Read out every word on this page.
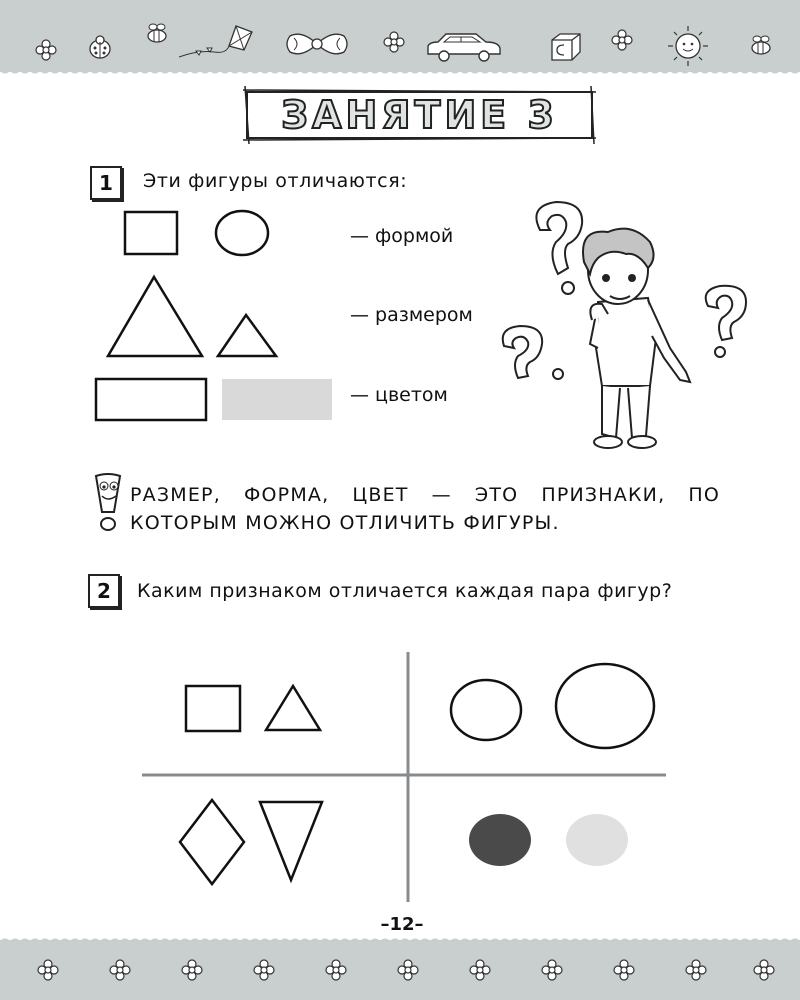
ЗАНЯТИЕ 3
1	Эти фигуры отличаются:
— формой
— размером
— цветом
РАЗМЕР, ФОРМА, ЦВЕТ — ЭТО ПРИЗНАКИ, ПО КОТОРЫМ МОЖНО ОТЛИЧИТЬ ФИГУРЫ.
2	Каким признаком отличается каждая пара фигур?
–12–
